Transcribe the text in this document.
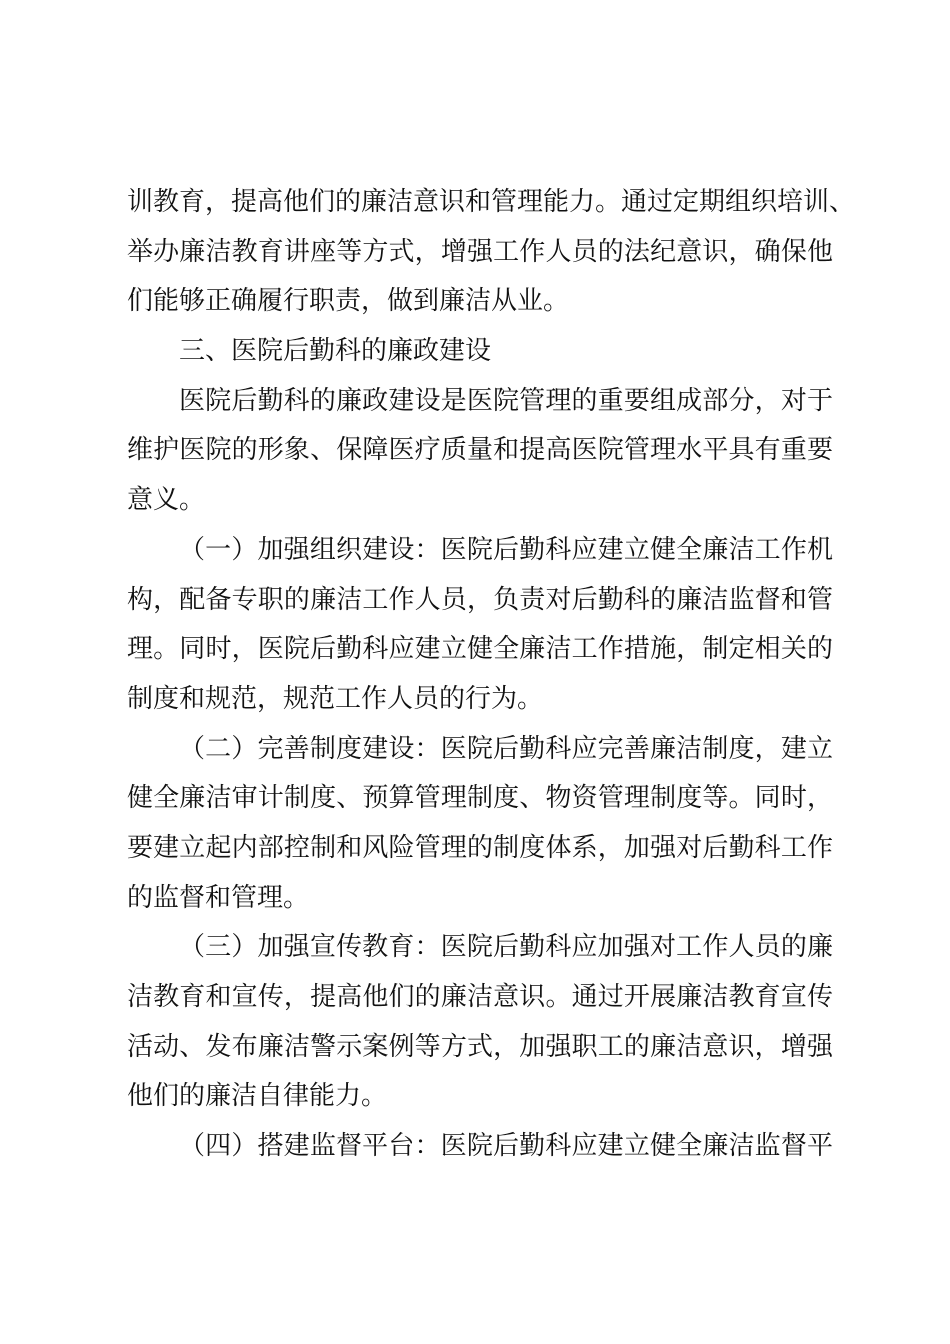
训教育，提高他们的廉洁意识和管理能力。通过定期组织培训、
举办廉洁教育讲座等方式，增强工作人员的法纪意识，确保他
们能够正确履行职责，做到廉洁从业。
三、医院后勤科的廉政建设
医院后勤科的廉政建设是医院管理的重要组成部分，对于
维护医院的形象、保障医疗质量和提高医院管理水平具有重要
意义。
（一）加强组织建设：医院后勤科应建立健全廉洁工作机
构，配备专职的廉洁工作人员，负责对后勤科的廉洁监督和管
理。同时，医院后勤科应建立健全廉洁工作措施，制定相关的
制度和规范，规范工作人员的行为。
（二）完善制度建设：医院后勤科应完善廉洁制度，建立
健全廉洁审计制度、预算管理制度、物资管理制度等。同时，
要建立起内部控制和风险管理的制度体系，加强对后勤科工作
的监督和管理。
（三）加强宣传教育：医院后勤科应加强对工作人员的廉
洁教育和宣传，提高他们的廉洁意识。通过开展廉洁教育宣传
活动、发布廉洁警示案例等方式，加强职工的廉洁意识，增强
他们的廉洁自律能力。
（四）搭建监督平台：医院后勤科应建立健全廉洁监督平
